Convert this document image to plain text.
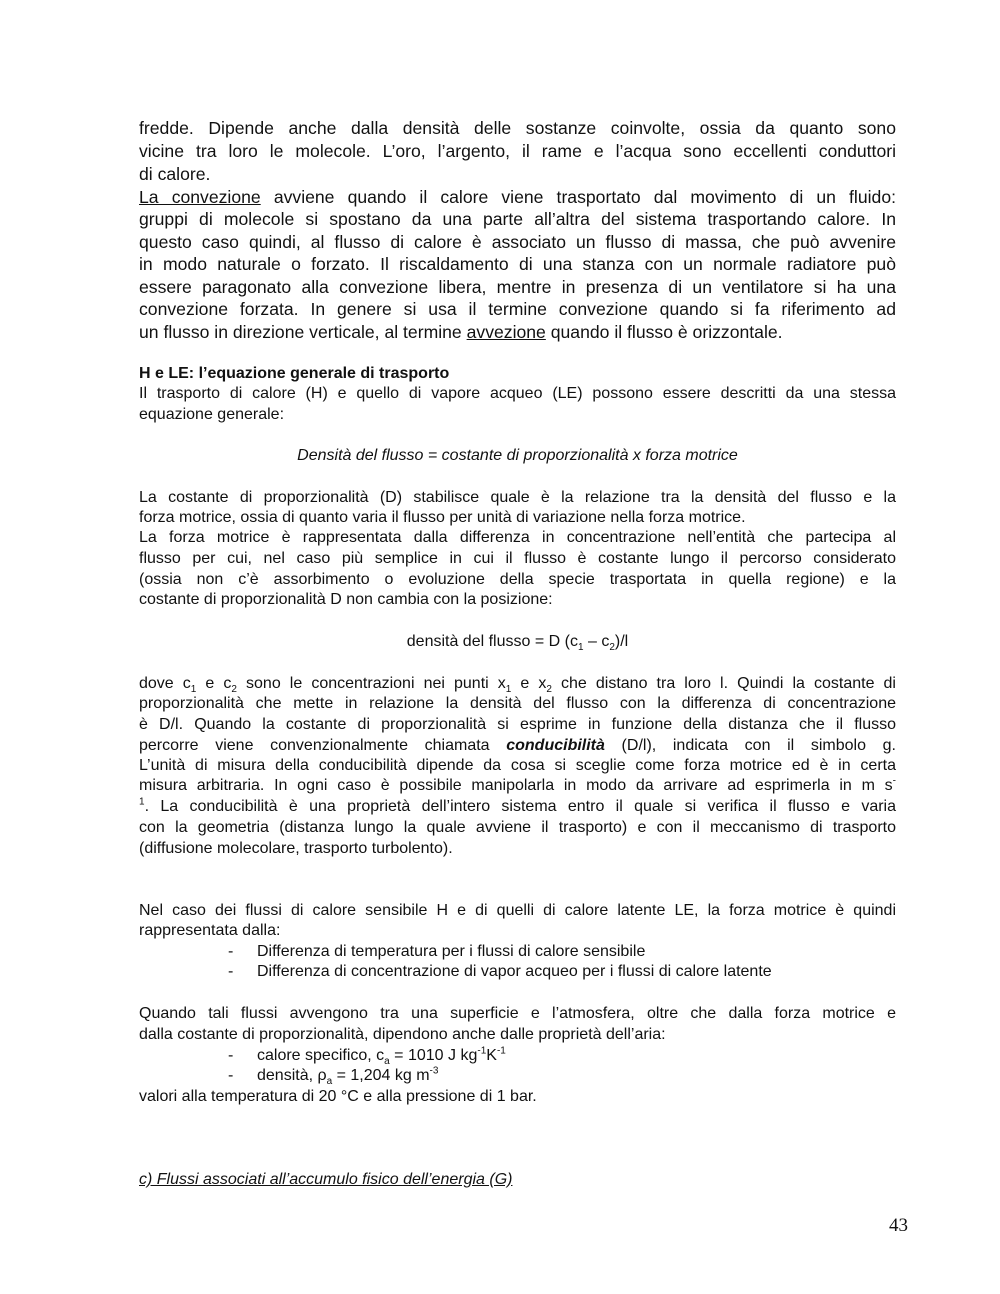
fredde. Dipende anche dalla densità delle sostanze coinvolte, ossia da quanto sono
vicine tra loro le molecole. L’oro, l’argento, il rame e l’acqua sono eccellenti conduttori
di calore.
La convezione avviene quando il calore viene trasportato dal movimento di un fluido:
gruppi di molecole si spostano da una parte all’altra del sistema trasportando calore. In
questo caso quindi, al flusso di calore è associato un flusso di massa, che può avvenire
in modo naturale o forzato. Il riscaldamento di una stanza con un normale radiatore può
essere paragonato alla convezione libera, mentre in presenza di un ventilatore si ha una
convezione forzata. In genere si usa il termine convezione quando si fa riferimento ad
un flusso in direzione verticale, al termine avvezione quando il flusso è orizzontale.
H e LE: l’equazione generale di trasporto
Il trasporto di calore (H) e quello di vapore acqueo (LE) possono essere descritti da una stessa
equazione generale:
Densità del flusso = costante di proporzionalità x forza motrice
La costante di proporzionalità (D) stabilisce quale è la relazione tra la densità del flusso e la
forza motrice, ossia di quanto varia il flusso per unità di variazione nella forza motrice.
La forza motrice è rappresentata dalla differenza in concentrazione nell’entità che partecipa al
flusso per cui, nel caso più semplice in cui il flusso è costante lungo il percorso considerato
(ossia non c’è assorbimento o evoluzione della specie trasportata in quella regione) e la
costante di proporzionalità D non cambia con la posizione:
densità del flusso = D $(c_1 - c_2)/l$
dove $c_1$ e $c_2$ sono le concentrazioni nei punti $x_1$ e $x_2$ che distano tra loro l. Quindi la costante di
proporzionalità che mette in relazione la densità del flusso con la differenza di concentrazione
è D/l. Quando la costante di proporzionalità si esprime in funzione della distanza che il flusso
percorre viene convenzionalmente chiamata conducibilità (D/l), indicata con il simbolo g.
L’unità di misura della conducibilità dipende da cosa si sceglie come forza motrice ed è in certa
misura arbitraria. In ogni caso è possibile manipolarla in modo da arrivare ad esprimerla in m s-
$^1$. La conducibilità è una proprietà dell’intero sistema entro il quale si verifica il flusso e varia
con la geometria (distanza lungo la quale avviene il trasporto) e con il meccanismo di trasporto
(diffusione molecolare, trasporto turbolento).
Nel caso dei flussi di calore sensibile H e di quelli di calore latente LE, la forza motrice è quindi
rappresentata dalla:
- Differenza di temperatura per i flussi di calore sensibile
- Differenza di concentrazione di vapor acqueo per i flussi di calore latente
Quando tali flussi avvengono tra una superficie e l’atmosfera, oltre che dalla forza motrice e
dalla costante di proporzionalità, dipendono anche dalle proprietà dell’aria:
- calore specifico, $c_a = 1010$ J $kg^{-1}K^{-1}$
- densità, $\rho_a = 1,204$ kg $m^{-3}$
valori alla temperatura di 20 °C e alla pressione di 1 bar.
c) Flussi associati all’accumulo fisico dell’energia (G)
43
